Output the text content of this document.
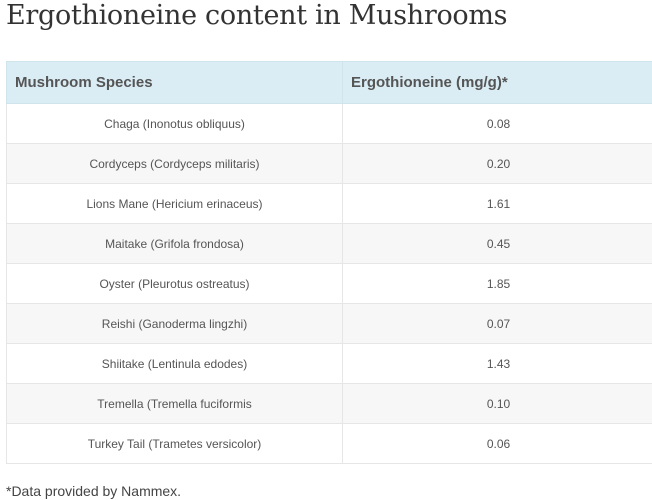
Ergothioneine content in Mushrooms
Mushroom Species	Ergothioneine (mg/g)*
Chaga (Inonotus obliquus)	0.08
Cordyceps (Cordyceps militaris)	0.20
Lions Mane (Hericium erinaceus)	1.61
Maitake (Grifola frondosa)	0.45
Oyster (Pleurotus ostreatus)	1.85
Reishi (Ganoderma lingzhi)	0.07
Shiitake (Lentinula edodes)	1.43
Tremella (Tremella fuciformis	0.10
Turkey Tail (Trametes versicolor)	0.06

*Data provided by Nammex.
